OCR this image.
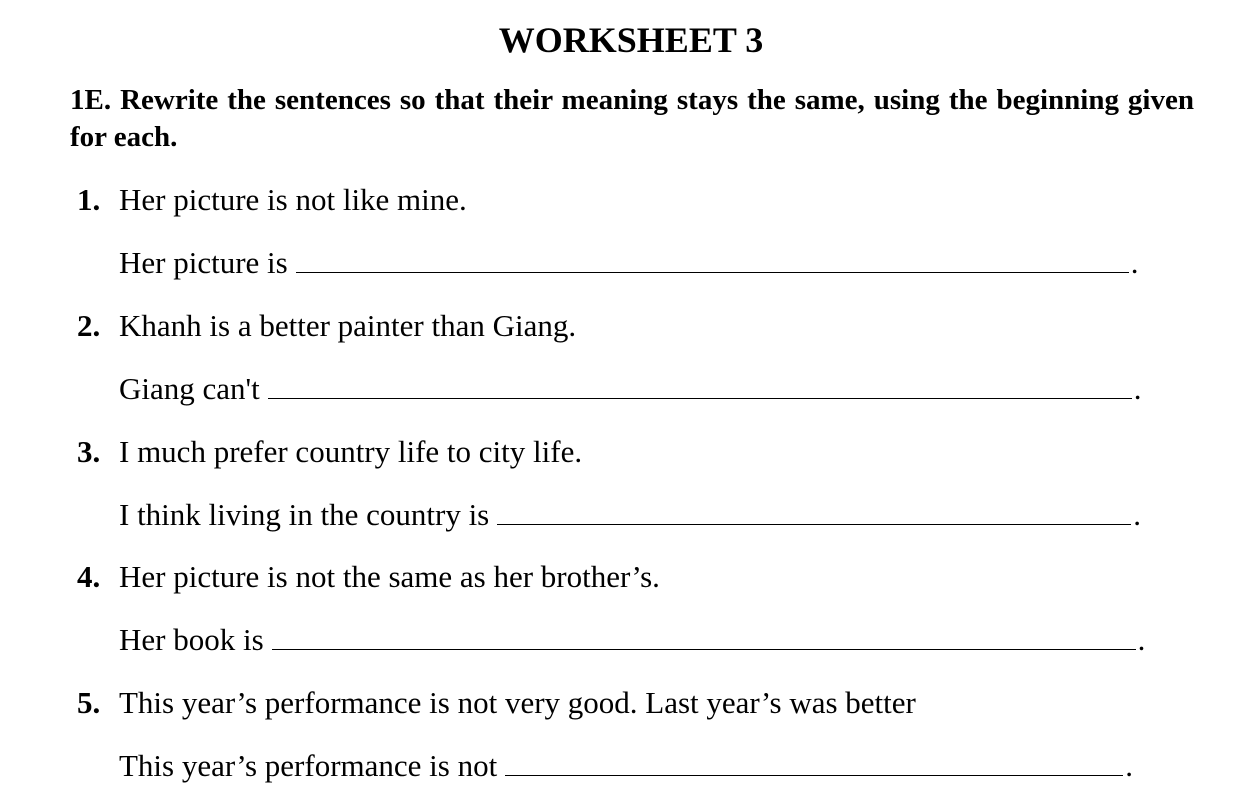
WORKSHEET 3

1E. Rewrite the sentences so that their meaning stays the same, using the beginning given for each.

1. Her picture is not like mine.
Her picture is	.
2. Khanh is a better painter than Giang.
Giang can't	.
3. I much prefer country life to city life.
I think living in the country is	.
4. Her picture is not the same as her brother’s.
Her book is	.
5. This year’s performance is not very good. Last year’s was better
This year’s performance is not	.
